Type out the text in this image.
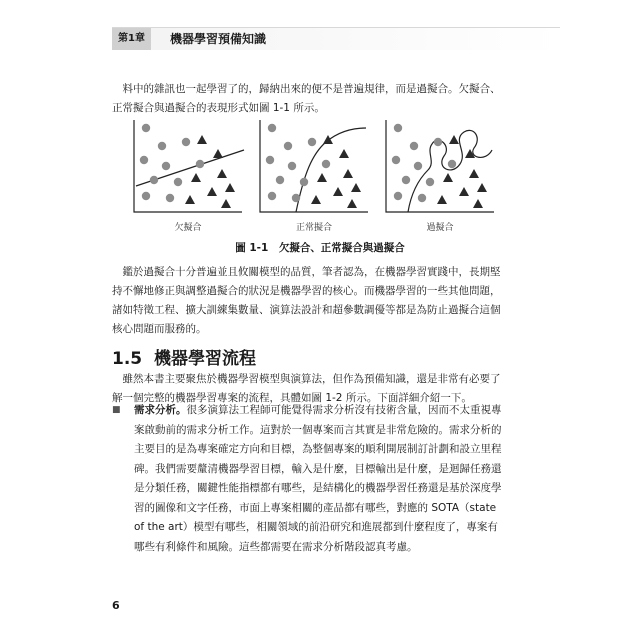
第1章	機器學習預備知識

料中的雜訊也一起學習了的，歸納出來的便不是普遍規律，而是過擬合。欠擬合、正常擬合與過擬合的表現形式如圖 1-1 所示。

欠擬合	正常擬合	過擬合
圖 1-1　欠擬合、正常擬合與過擬合

鑑於過擬合十分普遍並且攸關模型的品質，筆者認為，在機器學習實踐中，長期堅持不懈地修正與調整過擬合的狀況是機器學習的核心。而機器學習的一些其他問題，諸如特徵工程、擴大訓練集數量、演算法設計和超參數調優等都是為防止過擬合這個核心問題而服務的。

1.5 機器學習流程

雖然本書主要聚焦於機器學習模型與演算法，但作為預備知識，還是非常有必要了解一個完整的機器學習專案的流程，具體如圖 1-2 所示。下面詳細介紹一下。

■	需求分析。很多演算法工程師可能覺得需求分析沒有技術含量，因而不太重視專案啟動前的需求分析工作。這對於一個專案而言其實是非常危險的。需求分析的主要目的是為專案確定方向和目標，為整個專案的順利開展制訂計劃和設立里程碑。我們需要釐清機器學習目標，輸入是什麼，目標輸出是什麼，是迴歸任務還是分類任務，關鍵性能指標都有哪些，是結構化的機器學習任務還是基於深度學習的圖像和文字任務，市面上專案相關的產品都有哪些，對應的 SOTA（state of the art）模型有哪些，相關領域的前沿研究和進展都到什麼程度了，專案有哪些有利條件和風險。這些都需要在需求分析階段認真考慮。

6
